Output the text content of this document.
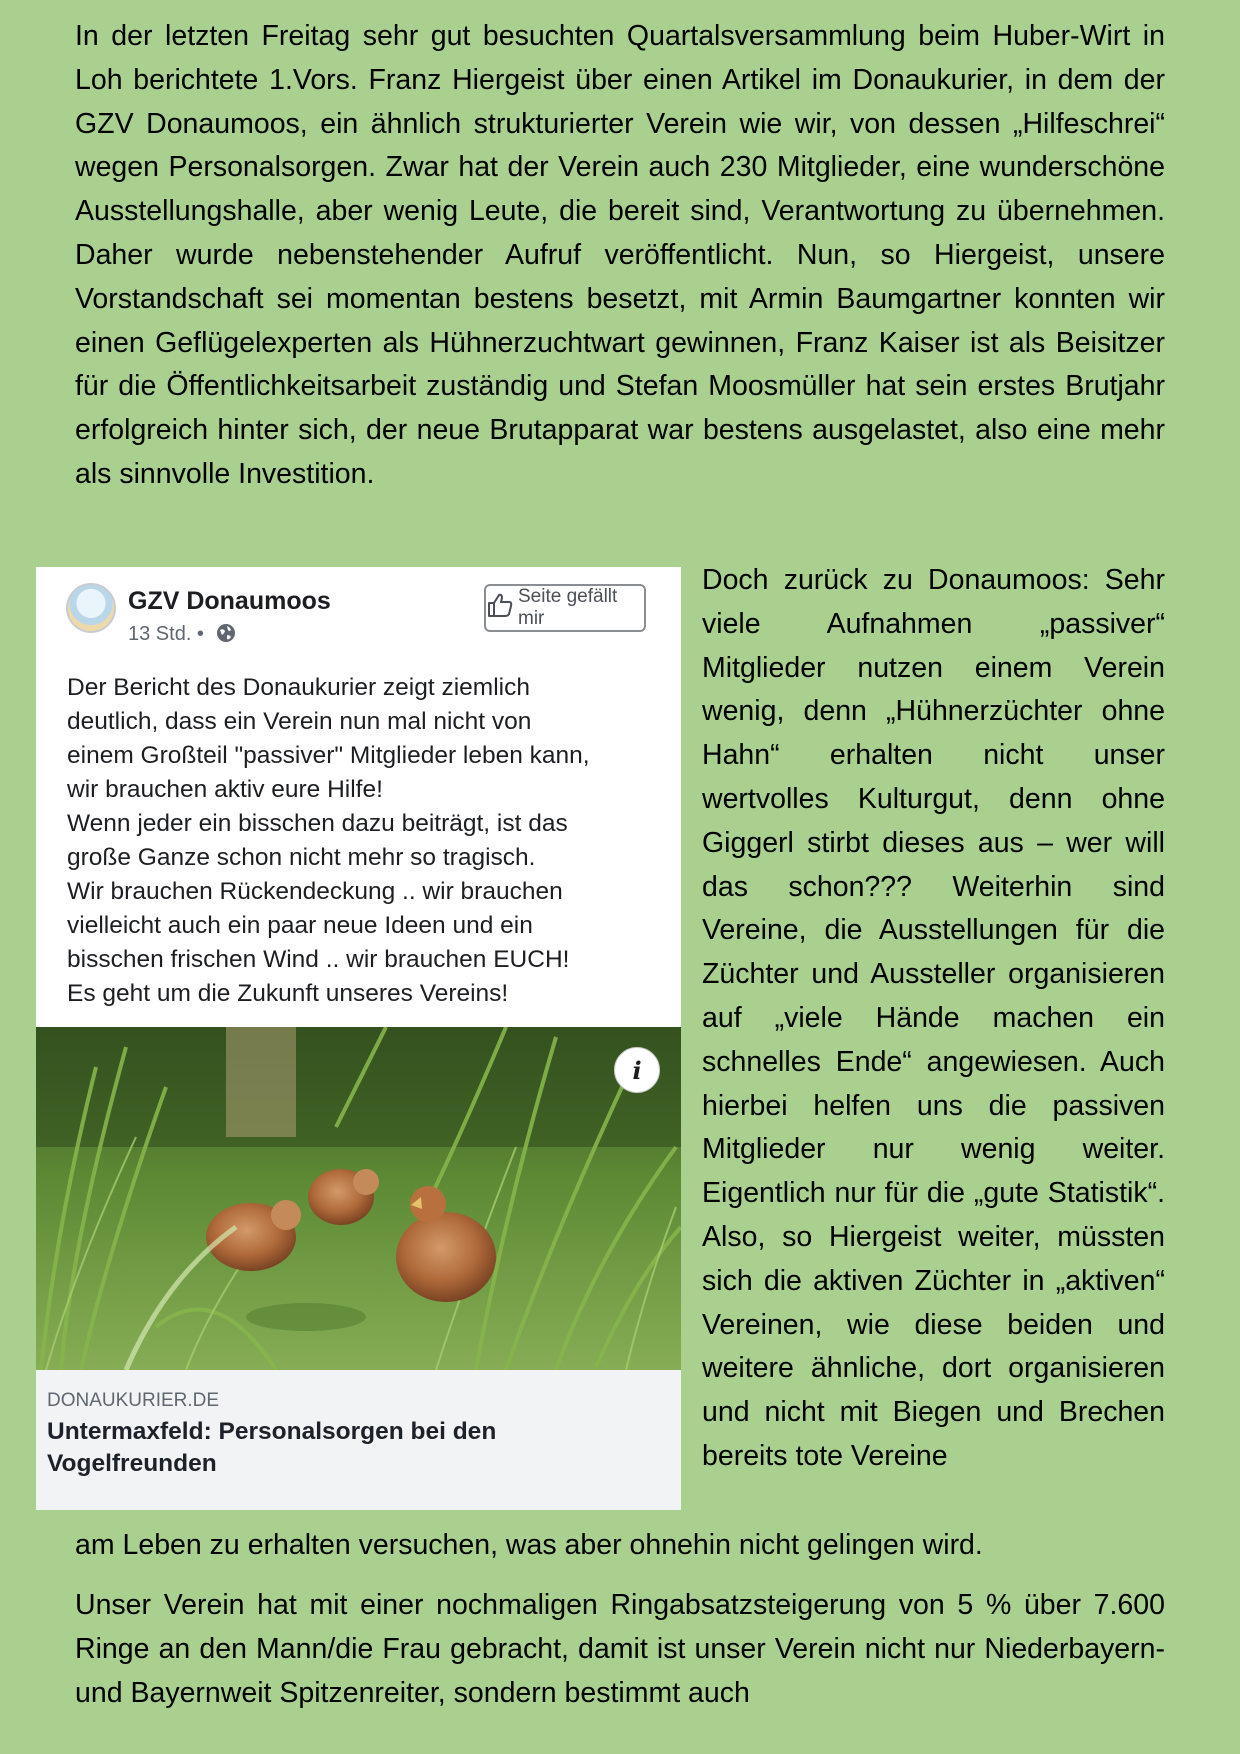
In der letzten Freitag sehr gut besuchten Quartalsversammlung beim Huber-Wirt in Loh berichtete 1.Vors. Franz Hiergeist über einen Artikel im Donaukurier, in dem der GZV Donaumoos, ein ähnlich strukturierter Verein wie wir, von dessen „Hilfeschrei“ wegen Personalsorgen. Zwar hat der Verein auch 230 Mitglieder, eine wunderschöne Ausstellungshalle, aber wenig Leute, die bereit sind, Verantwortung zu übernehmen. Daher wurde nebenstehender Aufruf veröffentlicht. Nun, so Hiergeist, unsere Vorstandschaft sei momentan bestens besetzt, mit Armin Baumgartner konnten wir einen Geflügelexperten als Hühnerzuchtwart gewinnen, Franz Kaiser ist als Beisitzer für die Öffentlichkeitsarbeit zuständig und Stefan Moosmüller hat sein erstes Brutjahr erfolgreich hinter sich, der neue Brutapparat war bestens ausgelastet, also eine mehr als sinnvolle Investition.

GZV Donaumoos
13 Std. •
Seite gefällt mir
Der Bericht des Donaukurier zeigt ziemlich
deutlich, dass ein Verein nun mal nicht von
einem Großteil "passiver" Mitglieder leben kann,
wir brauchen aktiv eure Hilfe!
Wenn jeder ein bisschen dazu beiträgt, ist das
große Ganze schon nicht mehr so tragisch.
Wir brauchen Rückendeckung .. wir brauchen
vielleicht auch ein paar neue Ideen und ein
bisschen frischen Wind .. wir brauchen EUCH!
Es geht um die Zukunft unseres Vereins!
i
DONAUKURIER.DE
Untermaxfeld: Personalsorgen bei den Vogelfreunden

Doch zurück zu Donaumoos: Sehr viele Aufnahmen „passiver“ Mitglieder nutzen einem Verein wenig, denn „Hühnerzüchter ohne Hahn“ erhalten nicht unser wertvolles Kulturgut, denn ohne Giggerl stirbt dieses aus – wer will das schon??? Weiterhin sind Vereine, die Ausstellungen für die Züchter und Aussteller organisieren auf „viele Hände machen ein schnelles Ende“ angewiesen. Auch hierbei helfen uns die passiven Mitglieder nur wenig weiter. Eigentlich nur für die „gute Statistik“. Also, so Hiergeist weiter, müssten sich die aktiven Züchter in „aktiven“ Vereinen, wie diese beiden und weitere ähnliche, dort organisieren und nicht mit Biegen und Brechen bereits tote Vereine

am Leben zu erhalten versuchen, was aber ohnehin nicht gelingen wird.

Unser Verein hat mit einer nochmaligen Ringabsatzsteigerung von 5 % über 7.600 Ringe an den Mann/die Frau gebracht, damit ist unser Verein nicht nur Niederbayern- und Bayernweit Spitzenreiter, sondern bestimmt auch
